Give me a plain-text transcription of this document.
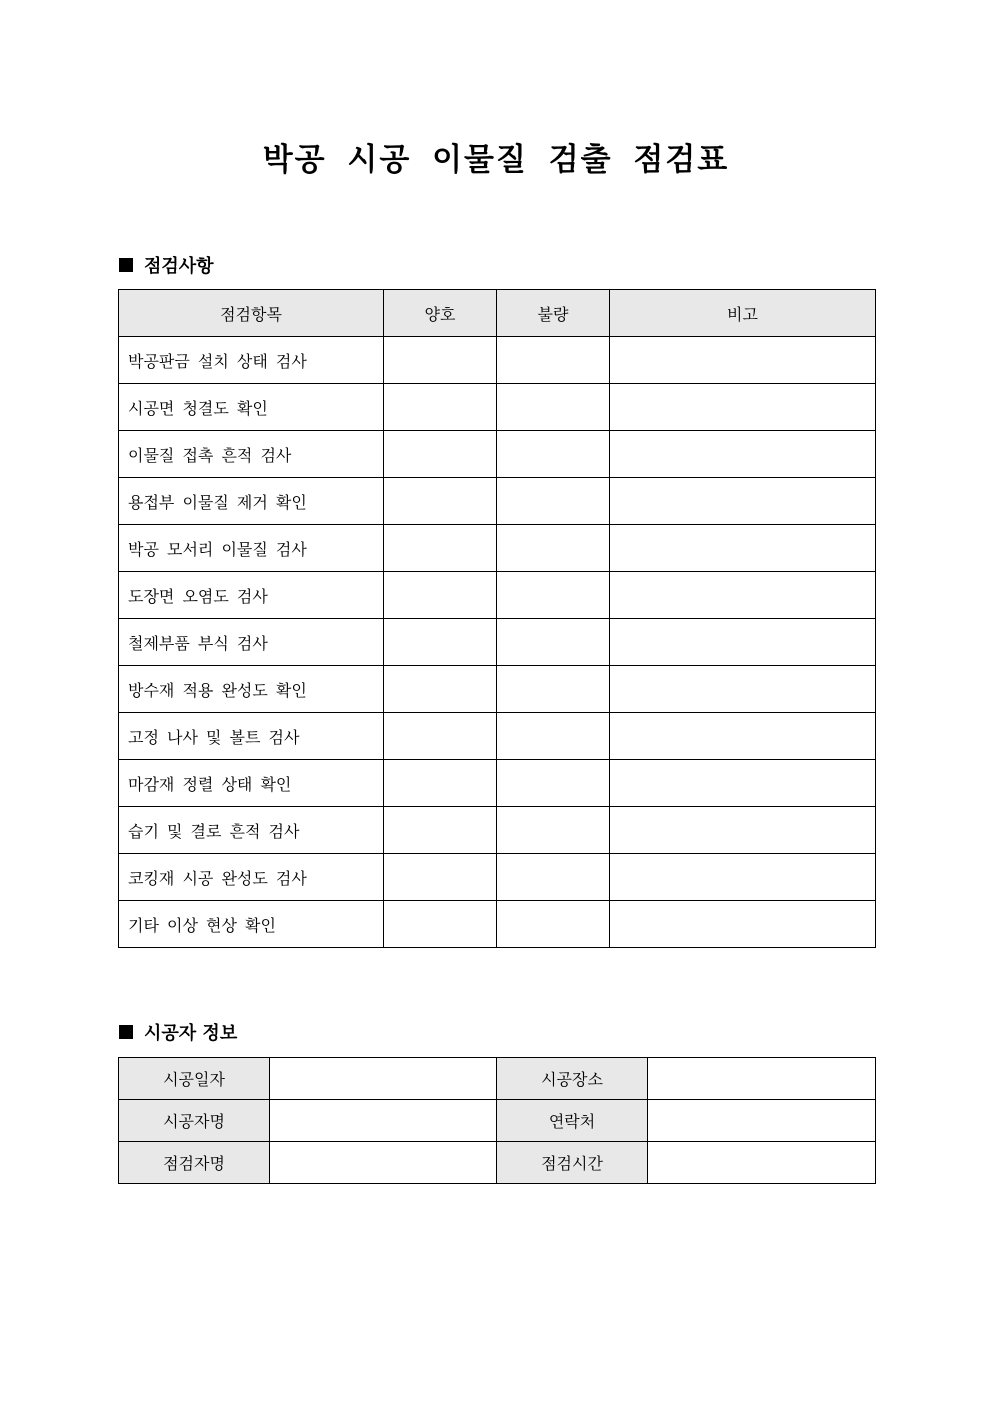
박공 시공 이물질 검출 점검표
점검사항
점검항목	양호	불량	비고
박공판금 설치 상태 검사			
시공면 청결도 확인			
이물질 접촉 흔적 검사			
용접부 이물질 제거 확인			
박공 모서리 이물질 검사			
도장면 오염도 검사			
철제부품 부식 검사			
방수재 적용 완성도 확인			
고정 나사 및 볼트 검사			
마감재 정렬 상태 확인			
습기 및 결로 흔적 검사			
코킹재 시공 완성도 검사			
기타 이상 현상 확인			
시공자 정보
시공일자		시공장소	
시공자명		연락처	
점검자명		점검시간	
